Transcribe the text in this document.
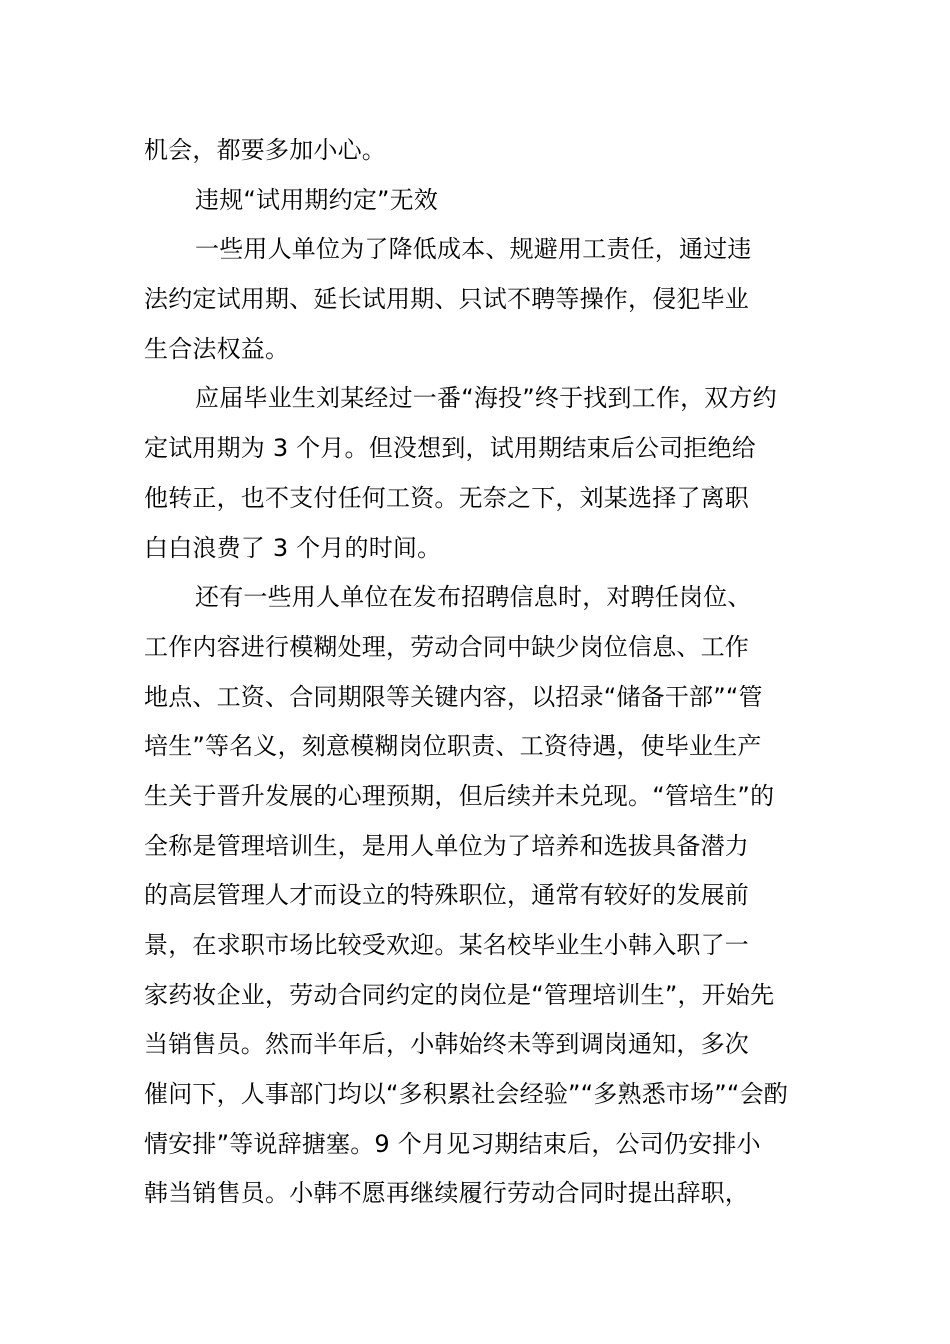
机会，都要多加小心。
违规“试用期约定”无效
一些用人单位为了降低成本、规避用工责任，通过违
法约定试用期、延长试用期、只试不聘等操作，侵犯毕业
生合法权益。
应届毕业生刘某经过一番“海投”终于找到工作，双方约
定试用期为 3 个月。但没想到，试用期结束后公司拒绝给
他转正，也不支付任何工资。无奈之下，刘某选择了离职
白白浪费了 3 个月的时间。
还有一些用人单位在发布招聘信息时，对聘任岗位、
工作内容进行模糊处理，劳动合同中缺少岗位信息、工作
地点、工资、合同期限等关键内容，以招录“储备干部”“管
培生”等名义，刻意模糊岗位职责、工资待遇，使毕业生产
生关于晋升发展的心理预期，但后续并未兑现。“管培生”的
全称是管理培训生，是用人单位为了培养和选拔具备潜力
的高层管理人才而设立的特殊职位，通常有较好的发展前
景，在求职市场比较受欢迎。某名校毕业生小韩入职了一
家药妆企业，劳动合同约定的岗位是“管理培训生”，开始先
当销售员。然而半年后，小韩始终未等到调岗通知，多次
催问下，人事部门均以“多积累社会经验”“多熟悉市场”“会酌
情安排”等说辞搪塞。9 个月见习期结束后，公司仍安排小
韩当销售员。小韩不愿再继续履行劳动合同时提出辞职，
